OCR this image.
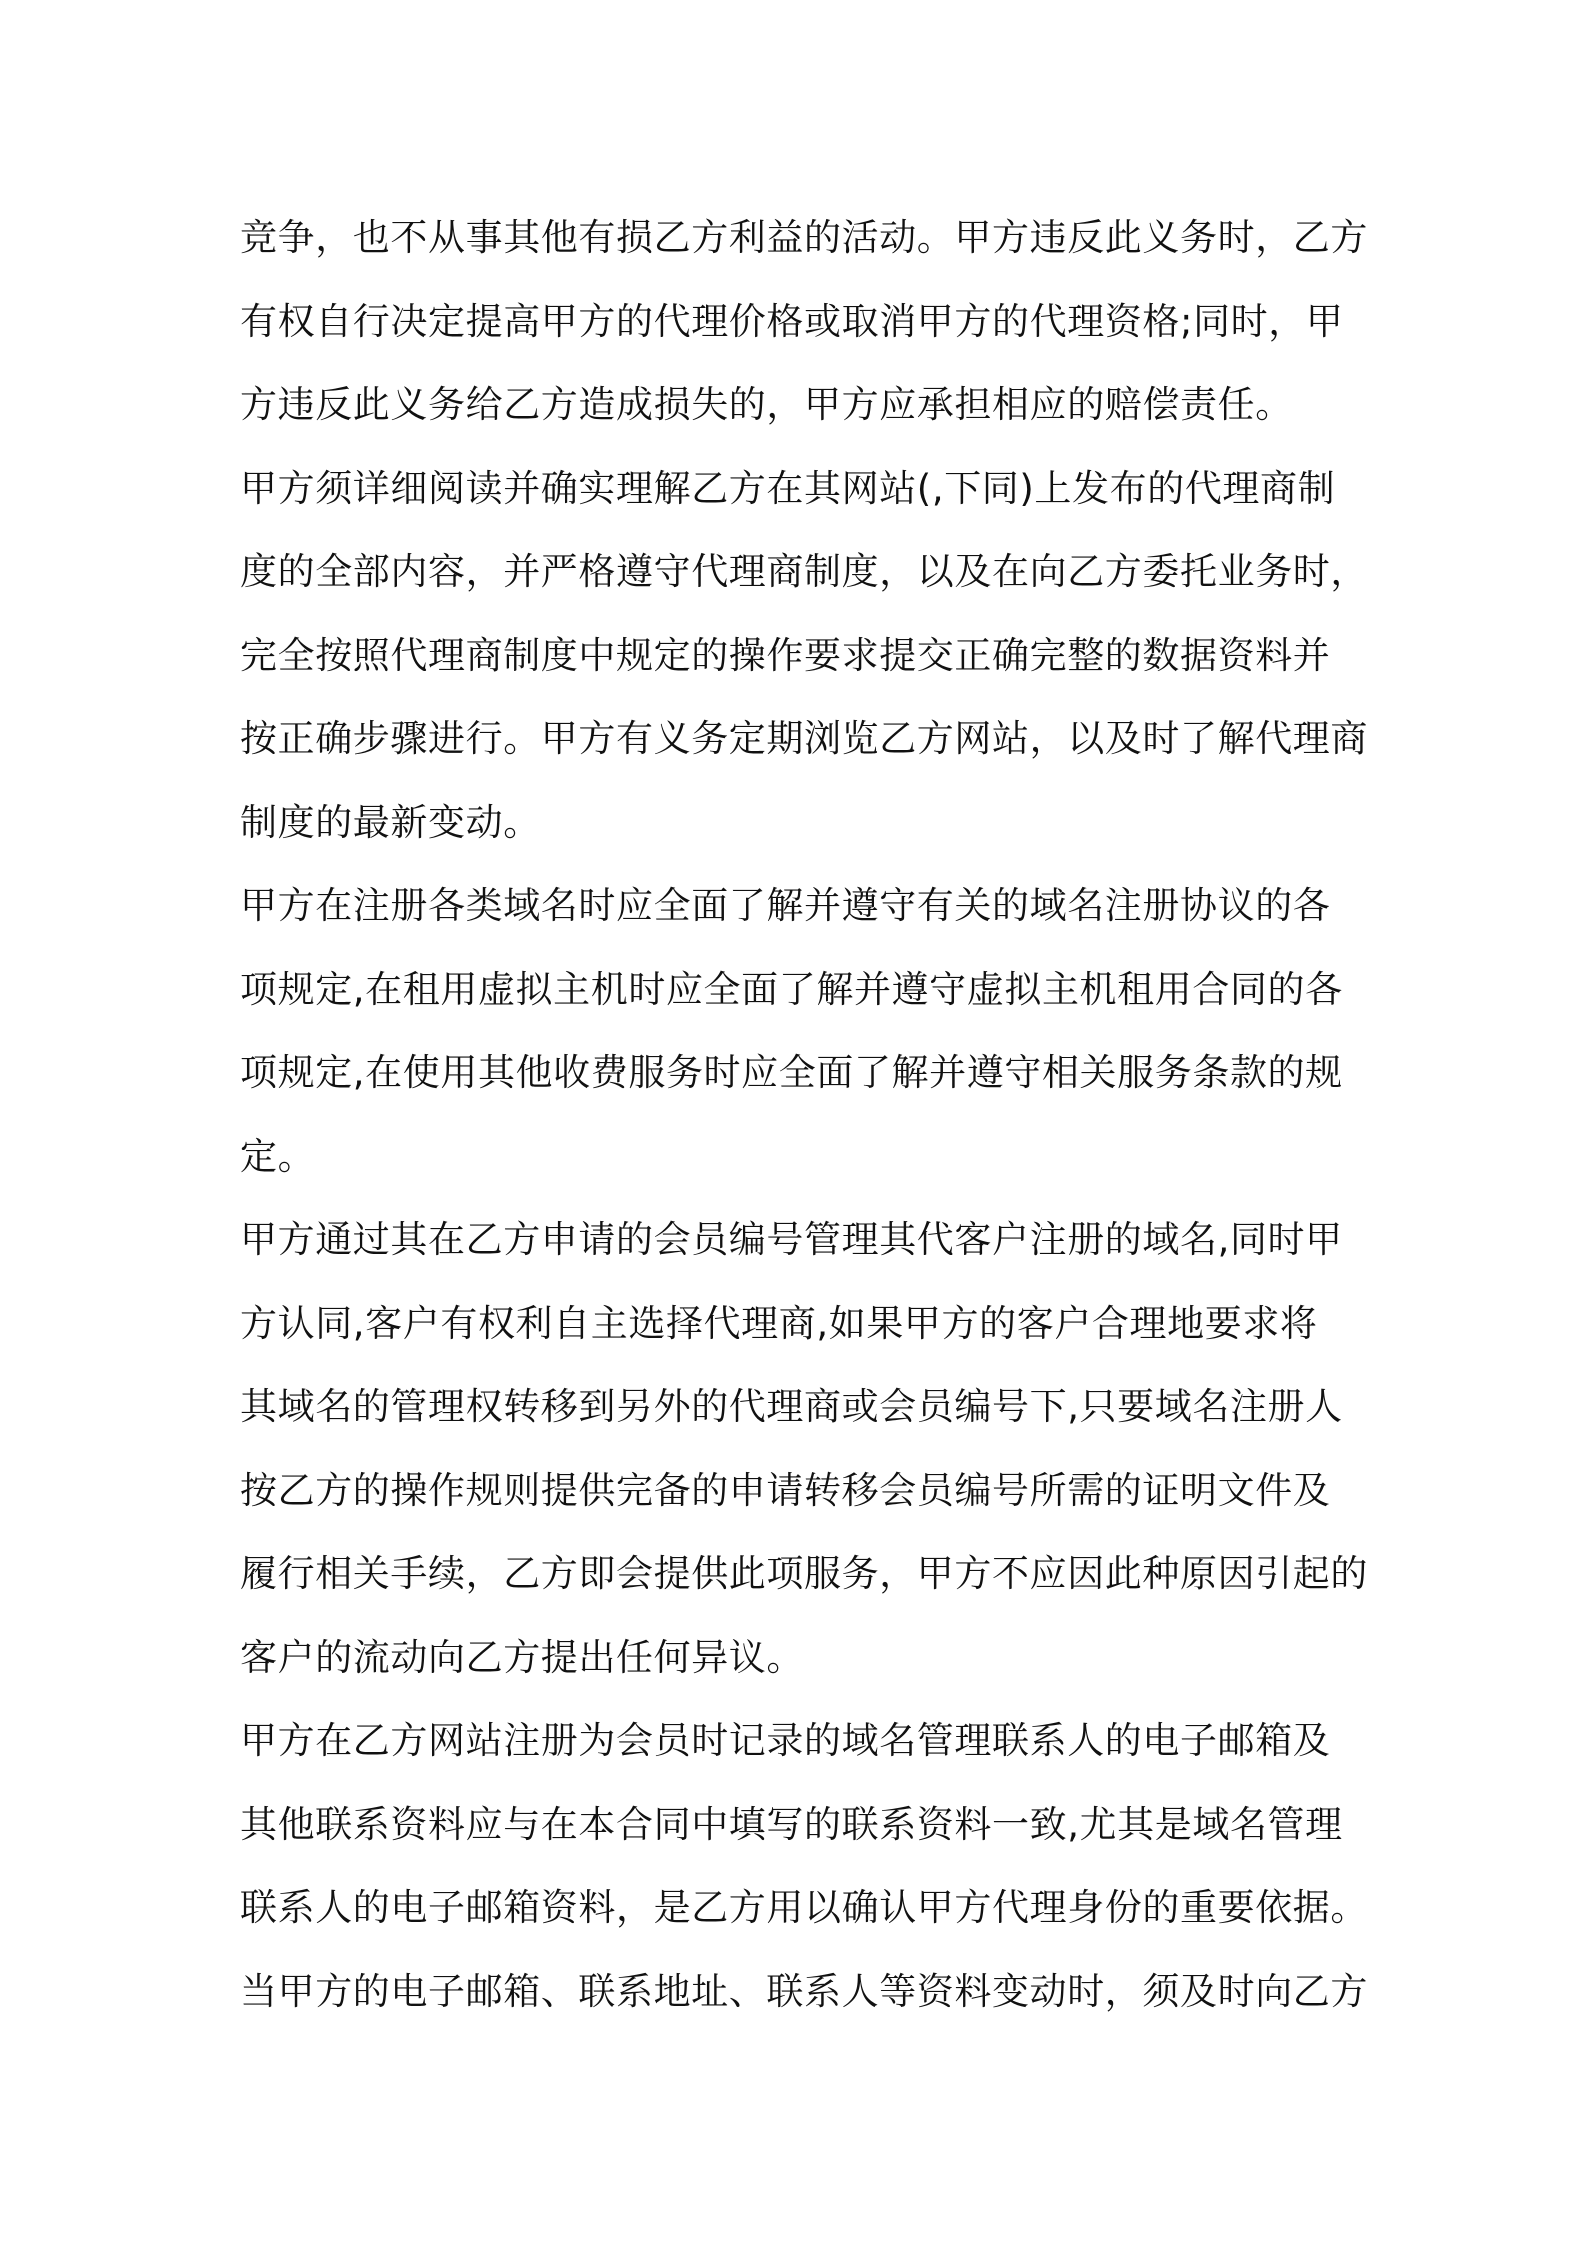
竞争，也不从事其他有损乙方利益的活动。甲方违反此义务时，乙方
有权自行决定提高甲方的代理价格或取消甲方的代理资格;同时，甲
方违反此义务给乙方造成损失的，甲方应承担相应的赔偿责任。
甲方须详细阅读并确实理解乙方在其网站(,下同)上发布的代理商制
度的全部内容，并严格遵守代理商制度，以及在向乙方委托业务时，
完全按照代理商制度中规定的操作要求提交正确完整的数据资料并
按正确步骤进行。甲方有义务定期浏览乙方网站，以及时了解代理商
制度的最新变动。
甲方在注册各类域名时应全面了解并遵守有关的域名注册协议的各
项规定,在租用虚拟主机时应全面了解并遵守虚拟主机租用合同的各
项规定,在使用其他收费服务时应全面了解并遵守相关服务条款的规
定。
甲方通过其在乙方申请的会员编号管理其代客户注册的域名,同时甲
方认同,客户有权利自主选择代理商,如果甲方的客户合理地要求将
其域名的管理权转移到另外的代理商或会员编号下,只要域名注册人
按乙方的操作规则提供完备的申请转移会员编号所需的证明文件及
履行相关手续，乙方即会提供此项服务，甲方不应因此种原因引起的
客户的流动向乙方提出任何异议。
甲方在乙方网站注册为会员时记录的域名管理联系人的电子邮箱及
其他联系资料应与在本合同中填写的联系资料一致,尤其是域名管理
联系人的电子邮箱资料，是乙方用以确认甲方代理身份的重要依据。
当甲方的电子邮箱、联系地址、联系人等资料变动时，须及时向乙方
